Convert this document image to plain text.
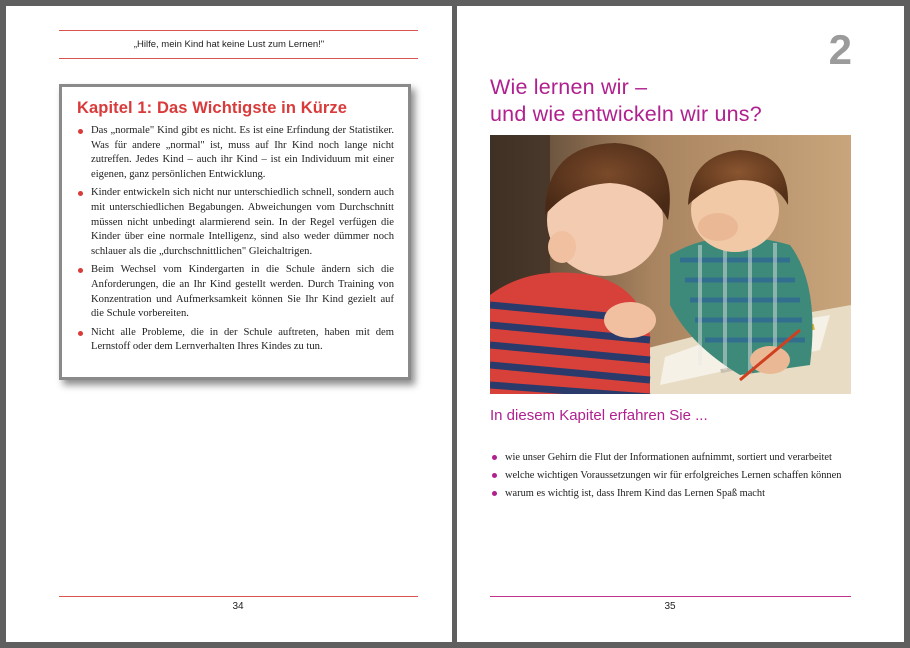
„Hilfe, mein Kind hat keine Lust zum Lernen!"
Kapitel 1: Das Wichtigste in Kürze
Das „normale" Kind gibt es nicht. Es ist eine Erfindung der Statistiker. Was für andere „normal" ist, muss auf Ihr Kind noch lange nicht zutreffen. Jedes Kind – auch ihr Kind – ist ein Individuum mit einer eigenen, ganz persönlichen Entwicklung.
Kinder entwickeln sich nicht nur unterschiedlich schnell, sondern auch mit unterschiedlichen Begabungen. Abweichungen vom Durchschnitt müssen nicht unbedingt alarmierend sein. In der Regel verfügen die Kinder über eine normale Intelligenz, sind also weder dümmer noch schlauer als die „durchschnittlichen" Gleichaltrigen.
Beim Wechsel vom Kindergarten in die Schule ändern sich die Anforderungen, die an Ihr Kind gestellt werden. Durch Training von Konzentration und Aufmerksamkeit können Sie Ihr Kind gezielt auf die Schule vorbereiten.
Nicht alle Probleme, die in der Schule auftreten, haben mit dem Lernstoff oder dem Lernverhalten Ihres Kindes zu tun.
34
2
Wie lernen wir –
und wie entwickeln wir uns?
In diesem Kapitel erfahren Sie ...
wie unser Gehirn die Flut der Informationen aufnimmt, sortiert und verarbeitet
welche wichtigen Voraussetzungen wir für erfolgreiches Lernen schaffen können
warum es wichtig ist, dass Ihrem Kind das Lernen Spaß macht
35
